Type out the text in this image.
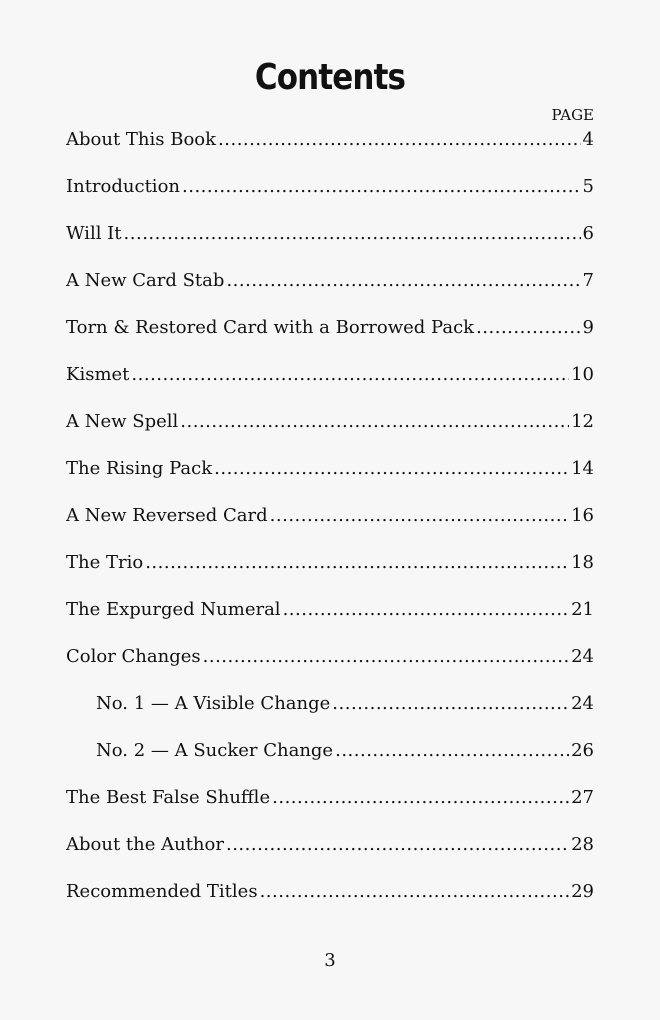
Contents
PAGE
About This Book .....	4
Introduction .....	5
Will It .....	6
A New Card Stab .....	7
Torn & Restored Card with a Borrowed Pack .....	9
Kismet .....	10
A New Spell .....	12
The Rising Pack .....	14
A New Reversed Card .....	16
The Trio .....	18
The Expurged Numeral .....	21
Color Changes .....	24
No. 1 — A Visible Change .....	24
No. 2 — A Sucker Change .....	26
The Best False Shuffle .....	27
About the Author .....	28
Recommended Titles .....	29
3
